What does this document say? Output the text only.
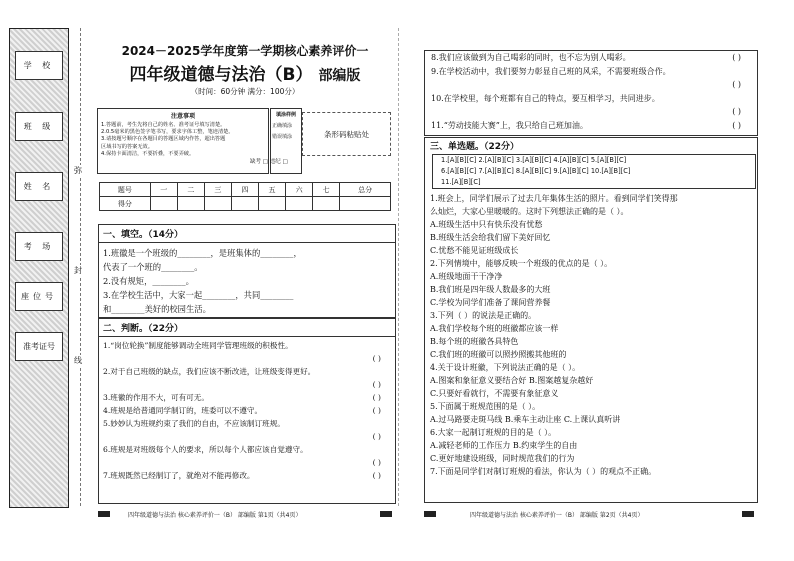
学 校
班 级
姓 名
考 场
座位号
准考证号
弥
封
线
2024－2025学年度第一学期核心素养评价一
四年级道德与法治（B） 部编版
（时间：60分钟 满分：100分）
注意事项
1.答题前，考生先将自己的姓名、准考证号填写清楚。
2.0.5毫米的黑色签字笔书写，要求字体工整，笔迹清楚。
3.请按题号顺序在各题目的答题区域内作答，超出答题
区域书写的答案无效。
4.保持卡面清洁，不要折叠，不要弄破。
填涂样例
正确填涂
错误填涂	条形码粘贴处
缺考 □ 违纪 □
题号	一	二	三	四	五	六	七	总分
得分								
一、填空。（14分）
1.班徽是一个班级的________，是班集体的________，
代表了一个班的________。
2.没有规矩，________。
3.在学校生活中，大家一起________，共同________
和________美好的校园生活。
二、判断。（22分）
1.“岗位轮换”制度能够调动全班同学管理班级的积极性。
( )

2.对于自己班级的缺点，我们应该不断改进，让班级变得更好。
( )

3.班徽的作用不大，可有可无。	( )
4.班规是给普通同学制订的，班委可以不遵守。	( )
5.妙妙认为班规约束了我们的自由，不应该制订班规。
( )

6.班规是对班级每个人的要求，所以每个人都应该自觉遵守。
( )

7.班规既然已经制订了，就绝对不能再修改。	( )
四年级道德与法治 核心素养评价一（B） 部编版 第1页（共4页）
8.我们应该做到为自己喝彩的同时，也不忘为别人喝彩。	( )
9.在学校活动中，我们要努力彰显自己班的风采，不需要班级合作。
( )

10.在学校里，每个班都有自己的特点，要互相学习，共同进步。
( )

11.“劳动技能大赛”上，我只给自己班加油。	( )
三、单选题。（22分）
1.[A][B][C] 2.[A][B][C] 3.[A][B][C] 4.[A][B][C] 5.[A][B][C]
6.[A][B][C] 7.[A][B][C] 8.[A][B][C] 9.[A][B][C] 10.[A][B][C]
11.[A][B][C]
1.班会上，同学们展示了过去几年集体生活的照片。看到同学们笑得那
么灿烂，大家心里暖暖的。这时下列想法正确的是（ ）。
A.班级生活中只有快乐没有忧愁
B.班级生活会给我们留下美好回忆
C.忧愁不能见证班级成长
2.下列情境中，能够反映一个班级的优点的是（ ）。
A.班级地面干干净净
B.我们班是四年级人数最多的大班
C.学校为同学们准备了课间营养餐
3.下列（ ）的说法是正确的。
A.我们学校每个班的班徽都应该一样
B.每个班的班徽各具特色
C.我们班的班徽可以照抄照搬其他班的
4.关于设计班徽，下列说法正确的是（ ）。
A.图案和象征意义要结合好 B.图案越复杂越好
C.只要好看就行，不需要有象征意义
5.下面属于班规范围的是（ ）。
A.过马路要走斑马线 B.乘车主动让座 C.上课认真听讲
6.大家一起制订班规的目的是（ ）。
A.减轻老师的工作压力 B.约束学生的自由
C.更好地建设班级，同时规范我们的行为
7.下面是同学们对制订班规的看法，你认为（ ）的观点不正确。
四年级道德与法治 核心素养评价一（B） 部编版 第2页（共4页）
